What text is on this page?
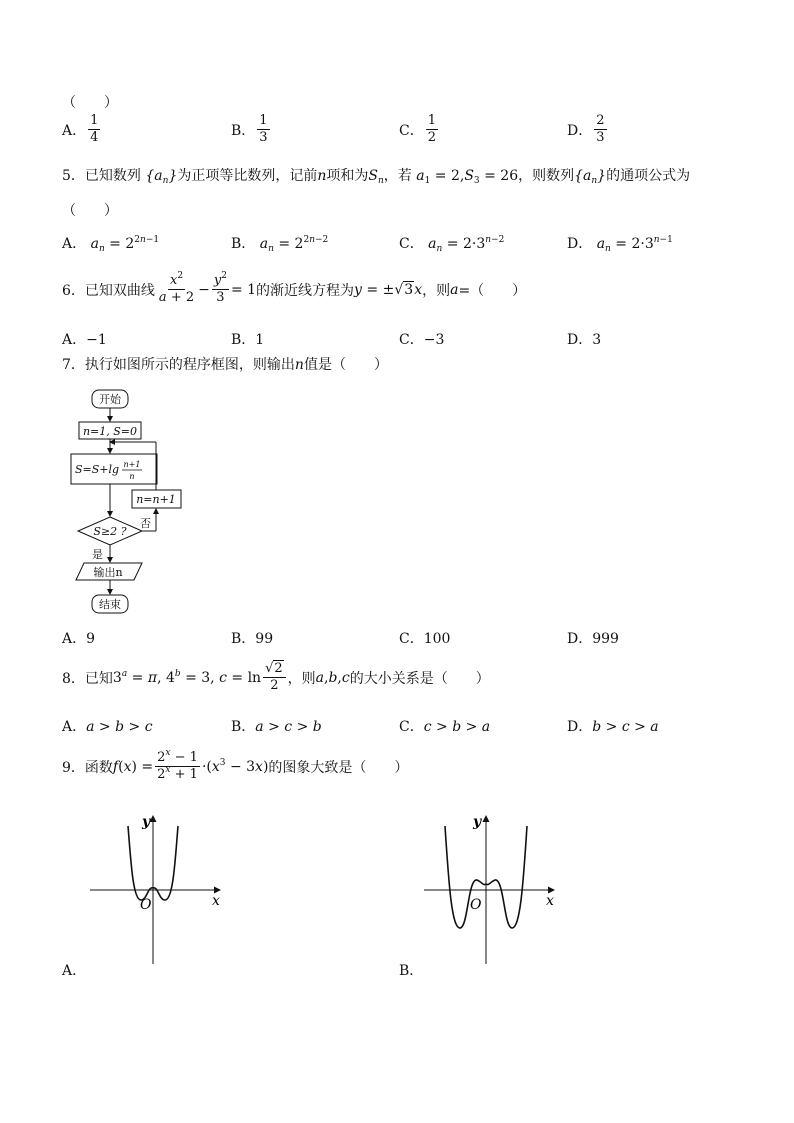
（　　）
A． $\frac{1}{4}$	B． $\frac{1}{3}$	C． $\frac{1}{2}$	D． $\frac{2}{3}$
5．已知数列 $\{a_n\}$为正项等比数列，记前n项和为$S_n$，若 $a_1 = 2,S_3 = 26$，则数列$\{a_n\}$的通项公式为
（　　）
A． $a_n = 2^{2n-1}$	B． $a_n = 2^{2n-2}$	C． $a_n = 2\cdot 3^{n-2}$	D． $a_n = 2\cdot 3^{n-1}$
6． 已知双曲线 $\frac{x^2}{a + 2} - \frac{y^2}{3} = 1$ 的渐近线方程为 y = ±√3x ，则 a =（　　）
A．−1	B．1	C．−3	D．3
7．执行如图所示的程序框图，则输出n值是（　　）
开始
n=1, S=0
S=S+lg n+1
n
n=n+1
S≥2 ?
否
是
输出n
结束
A．9	B．99	C．100	D．999
8． 已知 $3^a = \pi$, $4^b = 3$, $c = \ln \frac{√2}{2}$ ，则 a , b , c 的大小关系是（　　）
A．a > b > c	B．a > c > b	C．c > b > a	D．b > c > a
9． 函数 $f(x) = \frac{2^x - 1}{2^x + 1} \cdot(x^3 - 3x)$ 的图象大致是（　　）
y
x
O
A．
y
x
O
B．
